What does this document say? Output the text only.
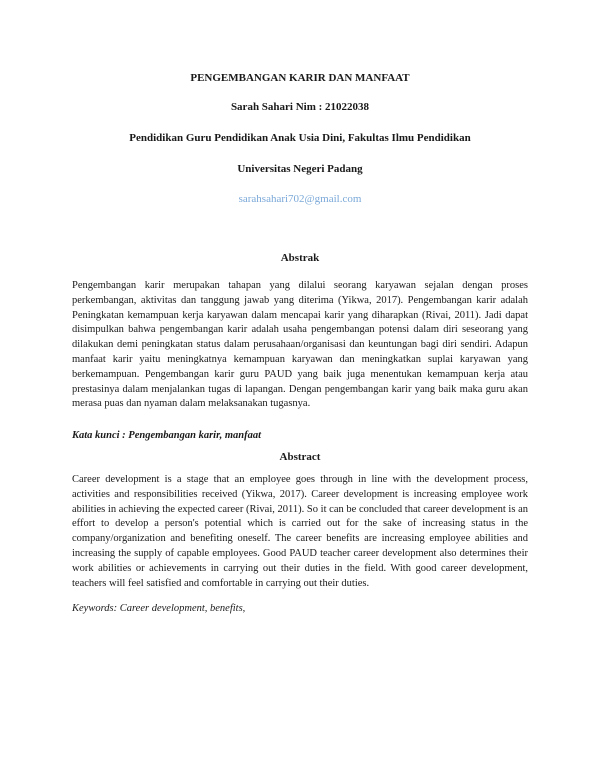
PENGEMBANGAN KARIR DAN MANFAAT
Sarah Sahari Nim : 21022038
Pendidikan Guru Pendidikan Anak Usia Dini, Fakultas Ilmu Pendidikan
Universitas Negeri Padang
sarahsahari702@gmail.com
Abstrak
Pengembangan karir merupakan tahapan yang dilalui seorang karyawan sejalan dengan proses perkembangan, aktivitas dan tanggung jawab yang diterima (Yikwa, 2017). Pengembangan karir adalah Peningkatan kemampuan kerja karyawan dalam mencapai karir yang diharapkan (Rivai, 2011). Jadi dapat disimpulkan bahwa pengembangan karir adalah usaha pengembangan potensi dalam diri seseorang yang dilakukan demi peningkatan status dalam perusahaan/organisasi dan keuntungan bagi diri sendiri. Adapun manfaat karir yaitu meningkatnya kemampuan karyawan dan meningkatkan suplai karyawan yang berkemampuan. Pengembangan karir guru PAUD yang baik juga menentukan kemampuan kerja atau prestasinya dalam menjalankan tugas di lapangan. Dengan pengembangan karir yang baik maka guru akan merasa puas dan nyaman dalam melaksanakan tugasnya.
Kata kunci : Pengembangan karir, manfaat
Abstract
Career development is a stage that an employee goes through in line with the development process, activities and responsibilities received (Yikwa, 2017). Career development is increasing employee work abilities in achieving the expected career (Rivai, 2011). So it can be concluded that career development is an effort to develop a person's potential which is carried out for the sake of increasing status in the company/organization and benefiting oneself. The career benefits are increasing employee abilities and increasing the supply of capable employees. Good PAUD teacher career development also determines their work abilities or achievements in carrying out their duties in the field. With good career development, teachers will feel satisfied and comfortable in carrying out their duties.
Keywords: Career development, benefits,
